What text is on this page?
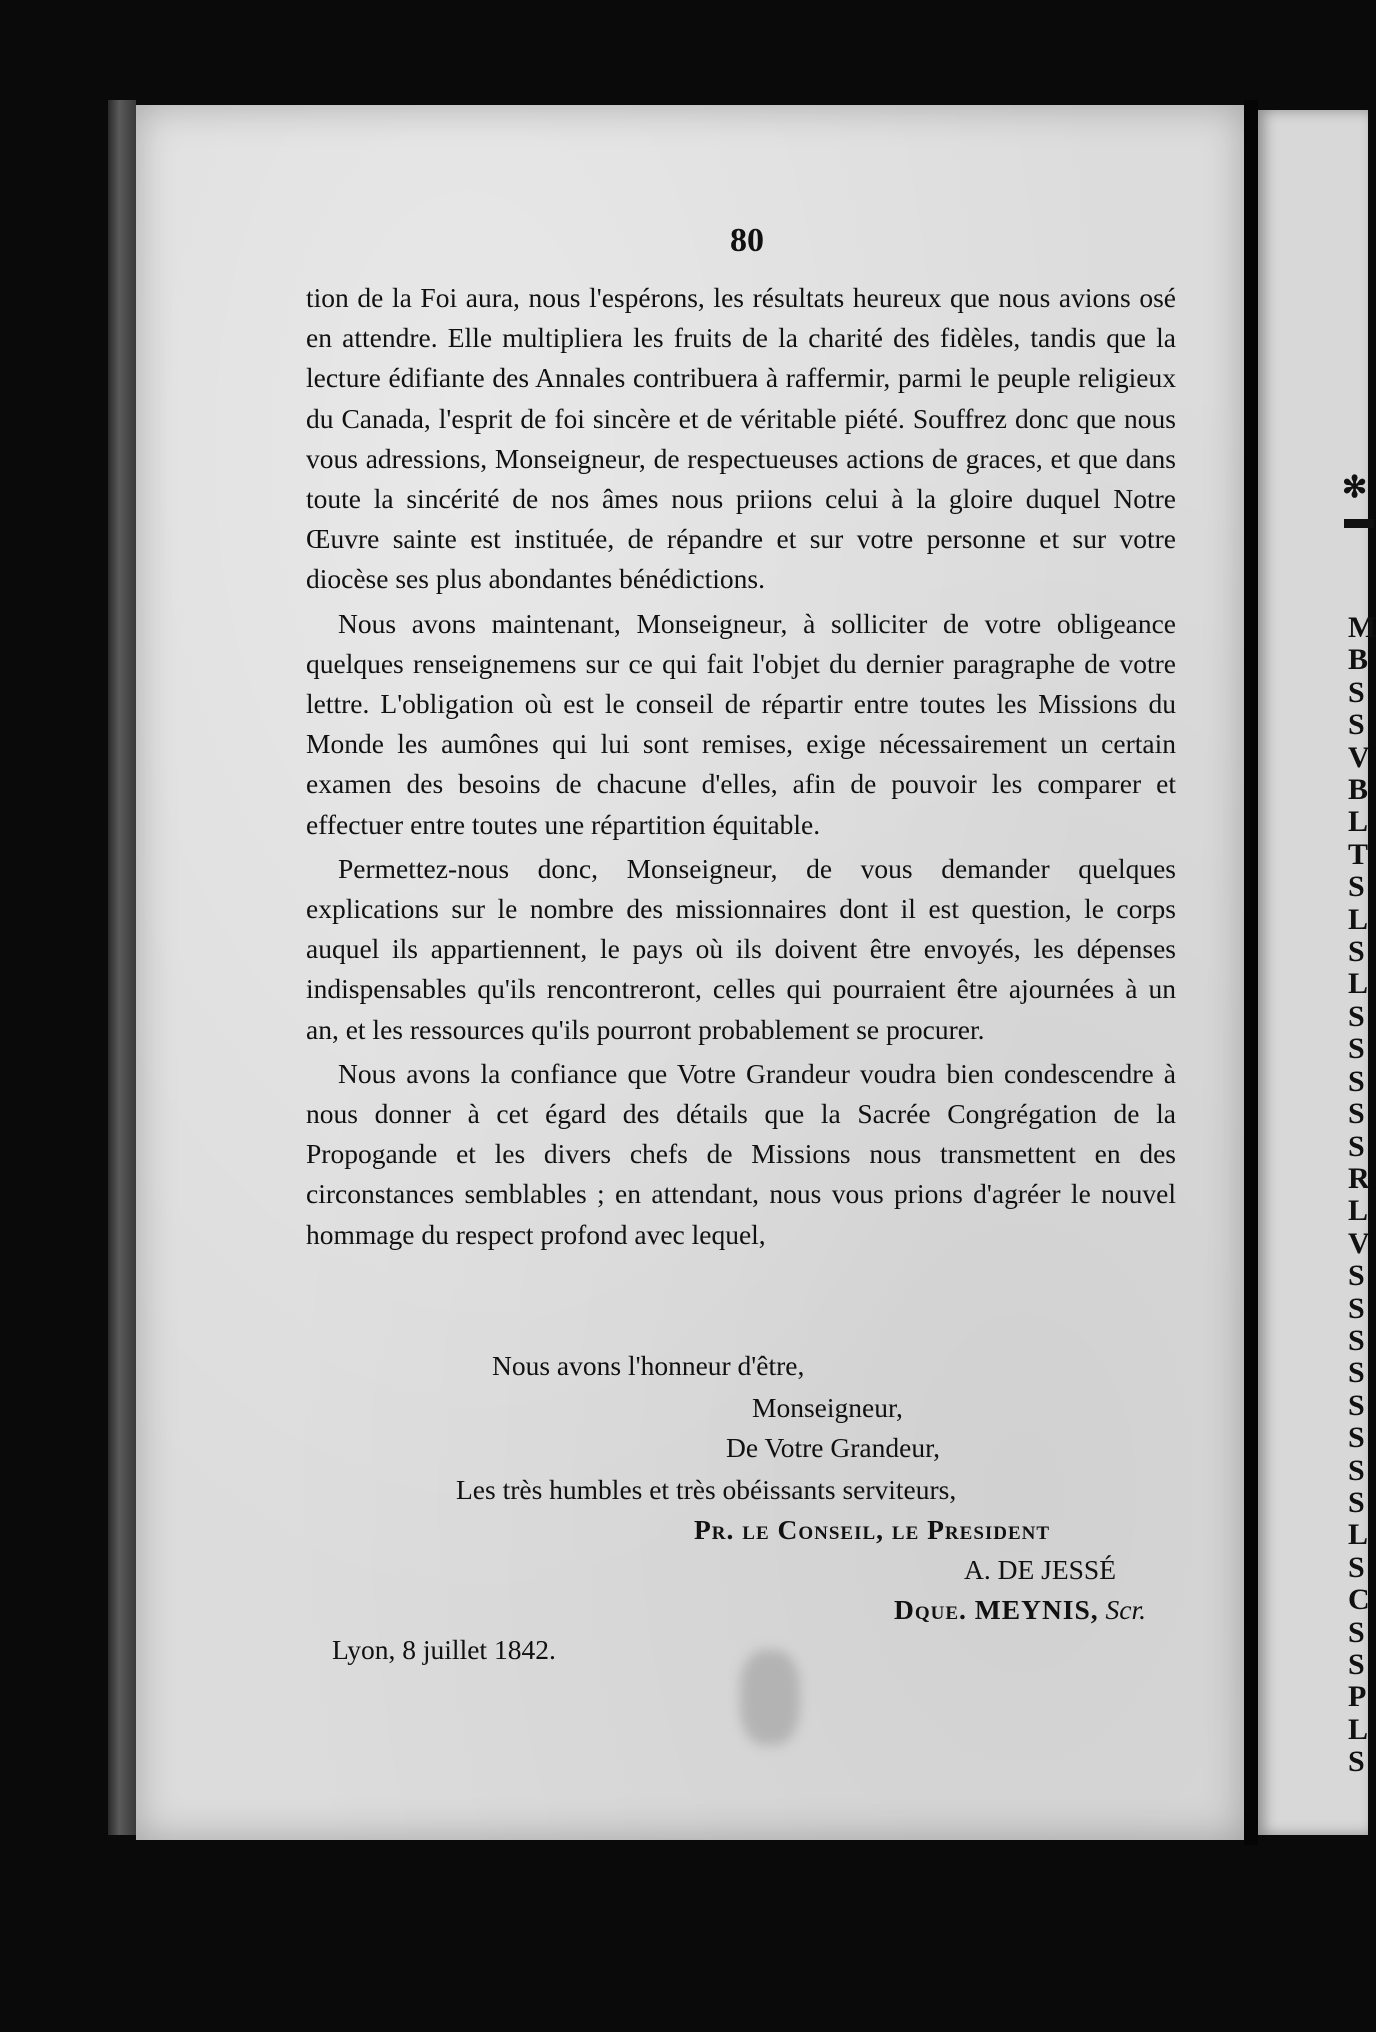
✻
▬
M
B
S
S
V
B
L
T
S
L
S
L
S
S
S
S
S
R
L
V
S
S
S
S
S
S
S
S
L
S
C
S
S
P
L
S
80

tion de la Foi aura, nous l'espérons, les résultats heureux que nous avions osé en attendre. Elle multipliera les fruits de la charité des fidèles, tandis que la lecture édifiante des Annales contribuera à raffermir, parmi le peuple religieux du Canada, l'esprit de foi sincère et de véritable piété. Souffrez donc que nous vous adressions, Monseigneur, de respectueuses actions de graces, et que dans toute la sincérité de nos âmes nous priions celui à la gloire duquel Notre Œuvre sainte est instituée, de répandre et sur votre personne et sur votre diocèse ses plus abondantes bénédictions.

Nous avons maintenant, Monseigneur, à solliciter de votre obligeance quelques renseignemens sur ce qui fait l'objet du dernier paragraphe de votre lettre. L'obligation où est le conseil de répartir entre toutes les Missions du Monde les aumônes qui lui sont remises, exige nécessairement un certain examen des besoins de chacune d'elles, afin de pouvoir les comparer et effectuer entre toutes une répartition équitable.

Permettez-nous donc, Monseigneur, de vous demander quelques explications sur le nombre des missionnaires dont il est question, le corps auquel ils appartiennent, le pays où ils doivent être envoyés, les dépenses indispensables qu'ils rencontreront, celles qui pourraient être ajournées à un an, et les ressources qu'ils pourront probablement se procurer.

Nous avons la confiance que Votre Grandeur voudra bien condescendre à nous donner à cet égard des détails que la Sacrée Congrégation de la Propogande et les divers chefs de Missions nous transmettent en des circonstances semblables ; en attendant, nous vous prions d'agréer le nouvel hommage du respect profond avec lequel,

Nous avons l'honneur d'être,
Monseigneur,
De Votre Grandeur,
Les très humbles et très obéissants serviteurs,
Pr. le Conseil, le President
A. DE JESSÉ
Dque. MEYNIS, Scr.
Lyon, 8 juillet 1842.
